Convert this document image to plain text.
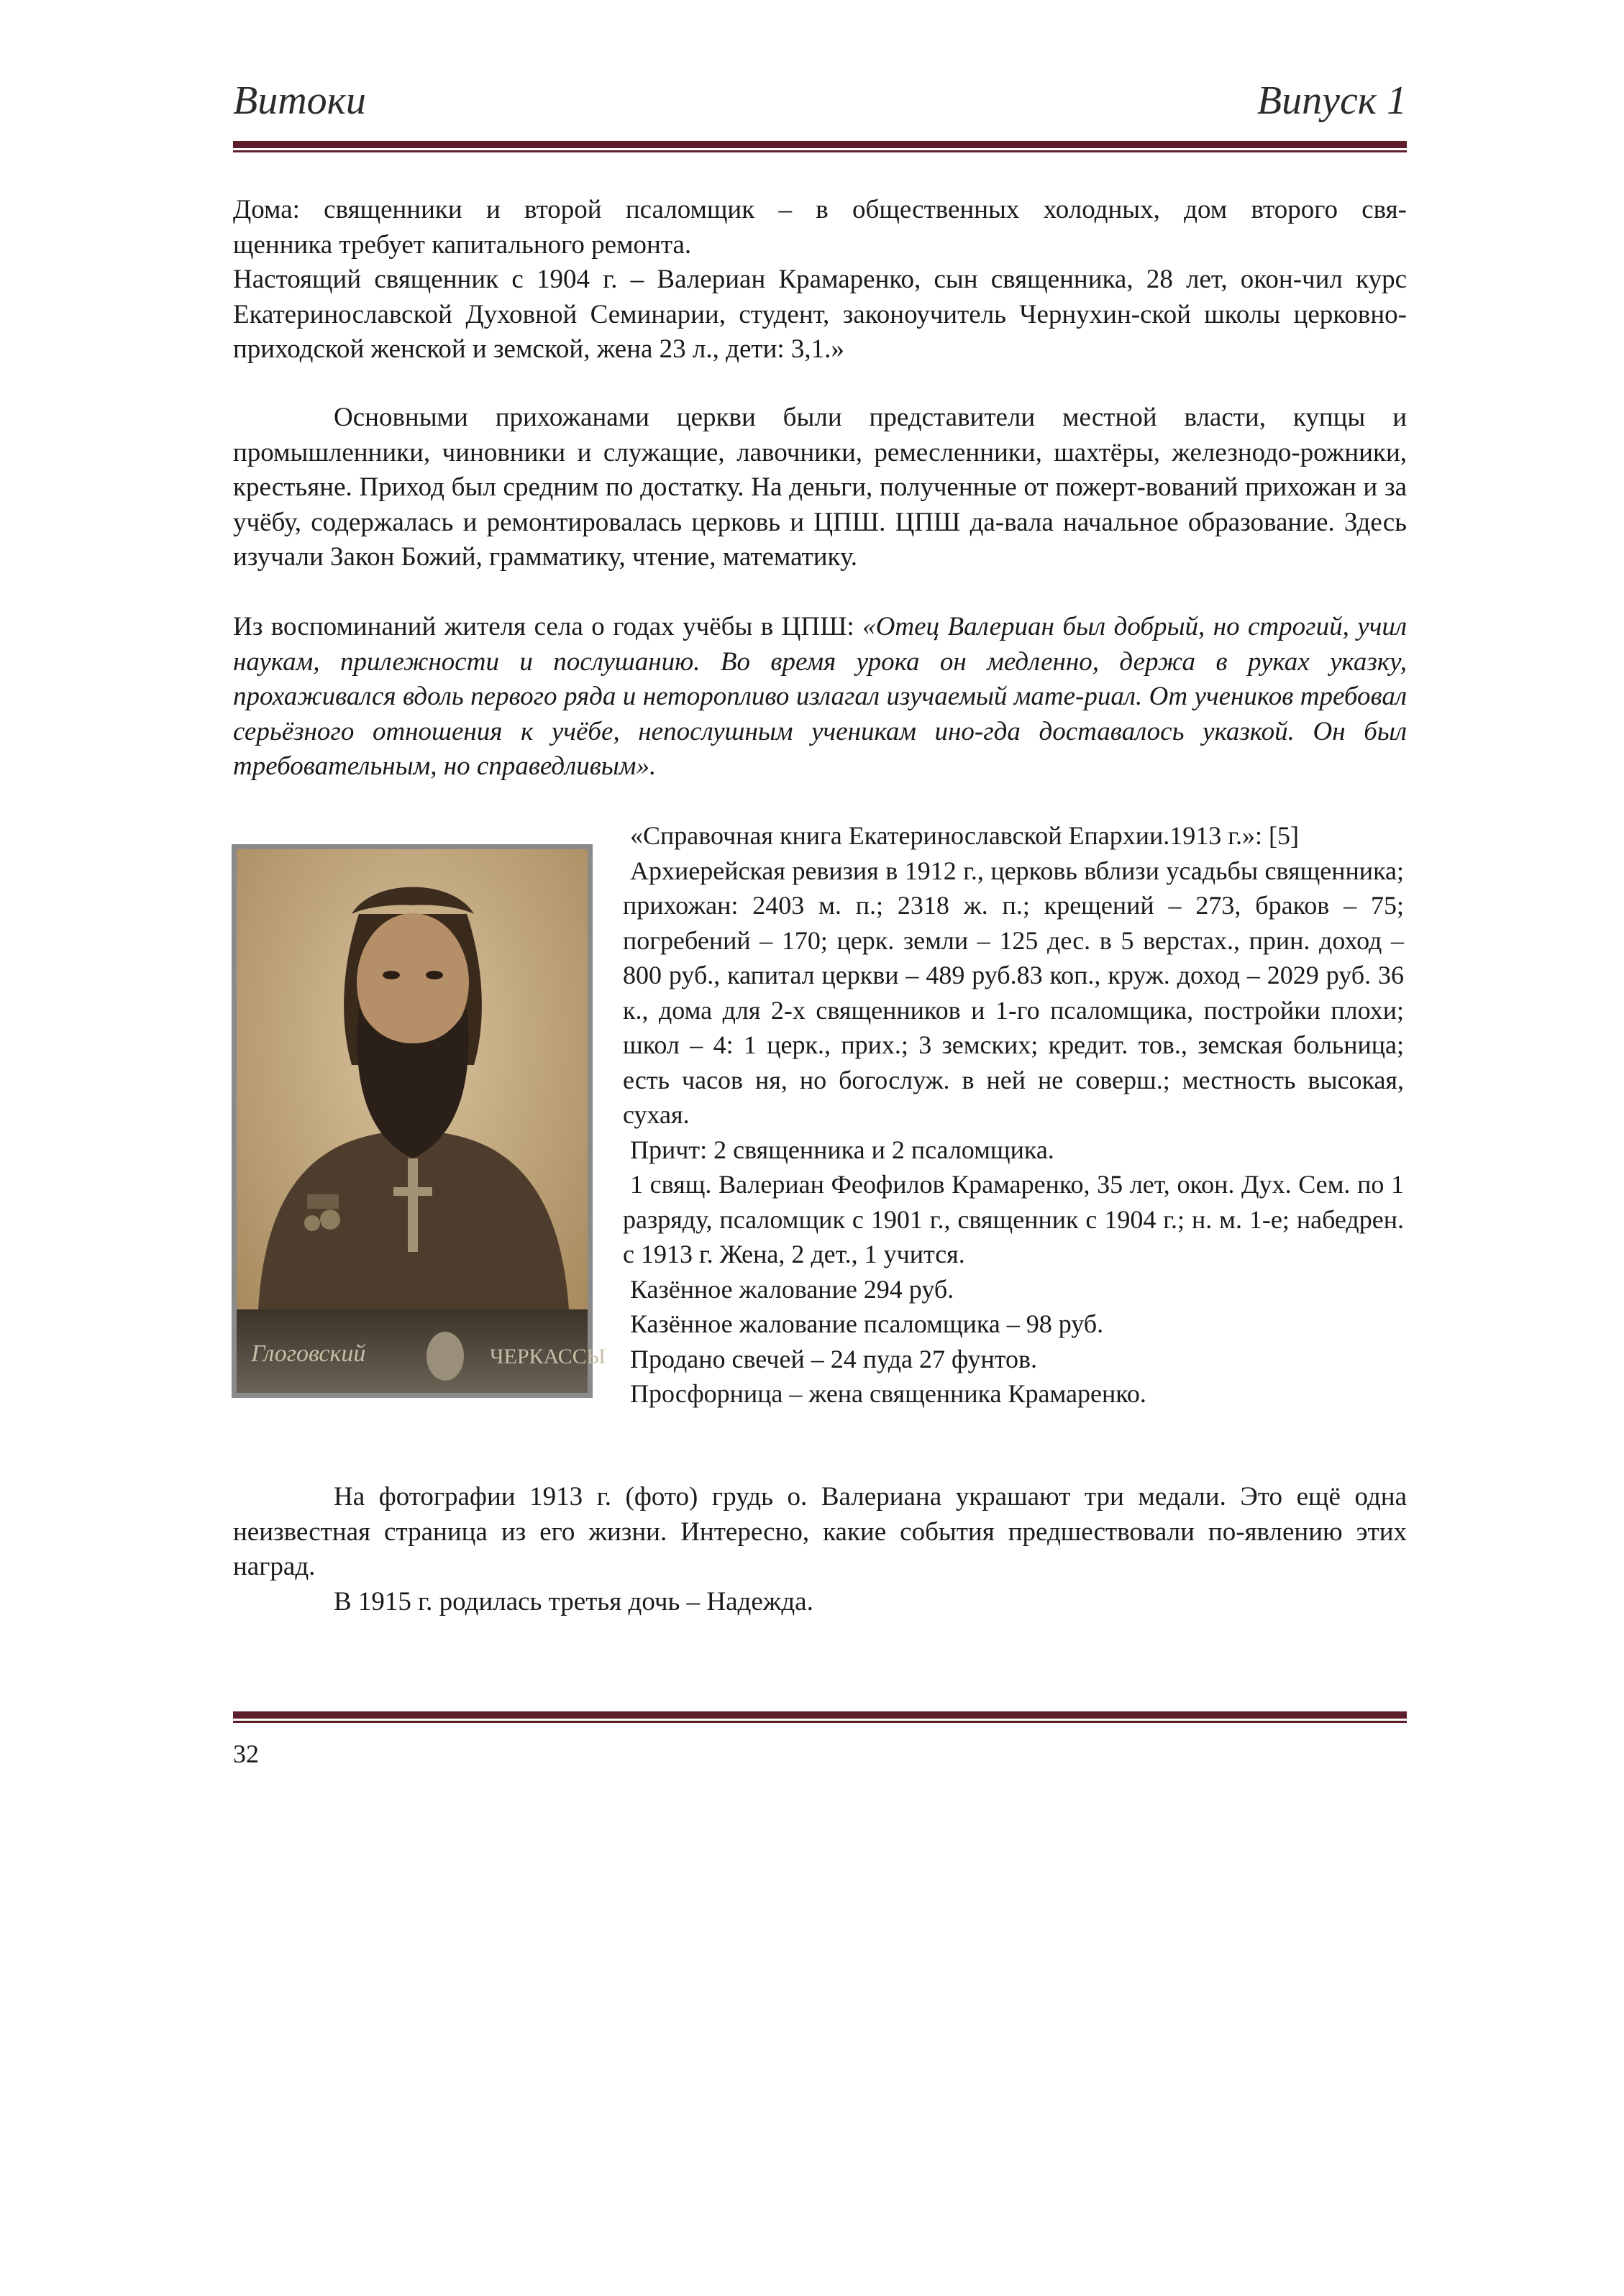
Витоки	Випуск 1

Дома: священники и второй псаломщик – в общественных холодных, дом второго свя-

щенника требует капитального ремонта.

Настоящий священник с 1904 г. – Валериан Крамаренко, сын священника, 28 лет, окон-чил курс Екатеринославской Духовной Семинарии, студент, законоучитель Чернухин-ской школы церковно-приходской женской и земской, жена 23 л., дети: 3,1.»

Основными прихожанами церкви были представители местной власти, купцы и промышленники, чиновники и служащие, лавочники, ремесленники, шахтёры, железнодо-рожники, крестьяне. Приход был средним по достатку. На деньги, полученные от пожерт-вований прихожан и за учёбу, содержалась и ремонтировалась церковь и ЦПШ. ЦПШ да-вала начальное образование. Здесь изучали Закон Божий, грамматику, чтение, математику.

Из воспоминаний жителя села о годах учёбы в ЦПШ: «Отец Валериан был добрый, но строгий, учил наукам, прилежности и послушанию. Во время урока он медленно, держа в руках указку, прохаживался вдоль первого ряда и неторопливо излагал изучаемый мате-риал. От учеников требовал серьёзного отношения к учёбе, непослушным ученикам ино-гда доставалось указкой. Он был требовательным, но справедливым».

Глоговский	ЧЕРКАССЫ

«Справочная книга Екатеринославской Епархии.1913 г.»: [5]

Архиерейская ревизия в 1912 г., церковь вблизи усадьбы священника; прихожан: 2403 м. п.; 2318 ж. п.; крещений – 273, браков – 75; погребений – 170; церк. земли – 125 дес. в 5 верстах., прин. доход – 800 руб., капитал церкви – 489 руб.83 коп., круж. доход – 2029 руб. 36 к., дома для 2-х священников и 1-го псаломщика, постройки плохи; школ – 4: 1 церк., прих.; 3 земских; кредит. тов., земская больница; есть часов ня, но богослуж. в ней не соверш.; местность высокая, сухая.

Причт: 2 священника и 2 псаломщика.

1 свящ. Валериан Феофилов Крамаренко, 35 лет, окон. Дух. Сем. по 1 разряду, псаломщик с 1901 г., священник с 1904 г.; н. м. 1-е; набедрен. с 1913 г. Жена, 2 дет., 1 учится.

Казённое жалование 294 руб.

Казённое жалование псаломщика – 98 руб.

Продано свечей – 24 пуда 27 фунтов.

Просфорница – жена священника Крамаренко.

На фотографии 1913 г. (фото) грудь о. Валериана украшают три медали. Это ещё одна неизвестная страница из его жизни. Интересно, какие события предшествовали по-явлению этих наград.

В 1915 г. родилась третья дочь – Надежда.

32
